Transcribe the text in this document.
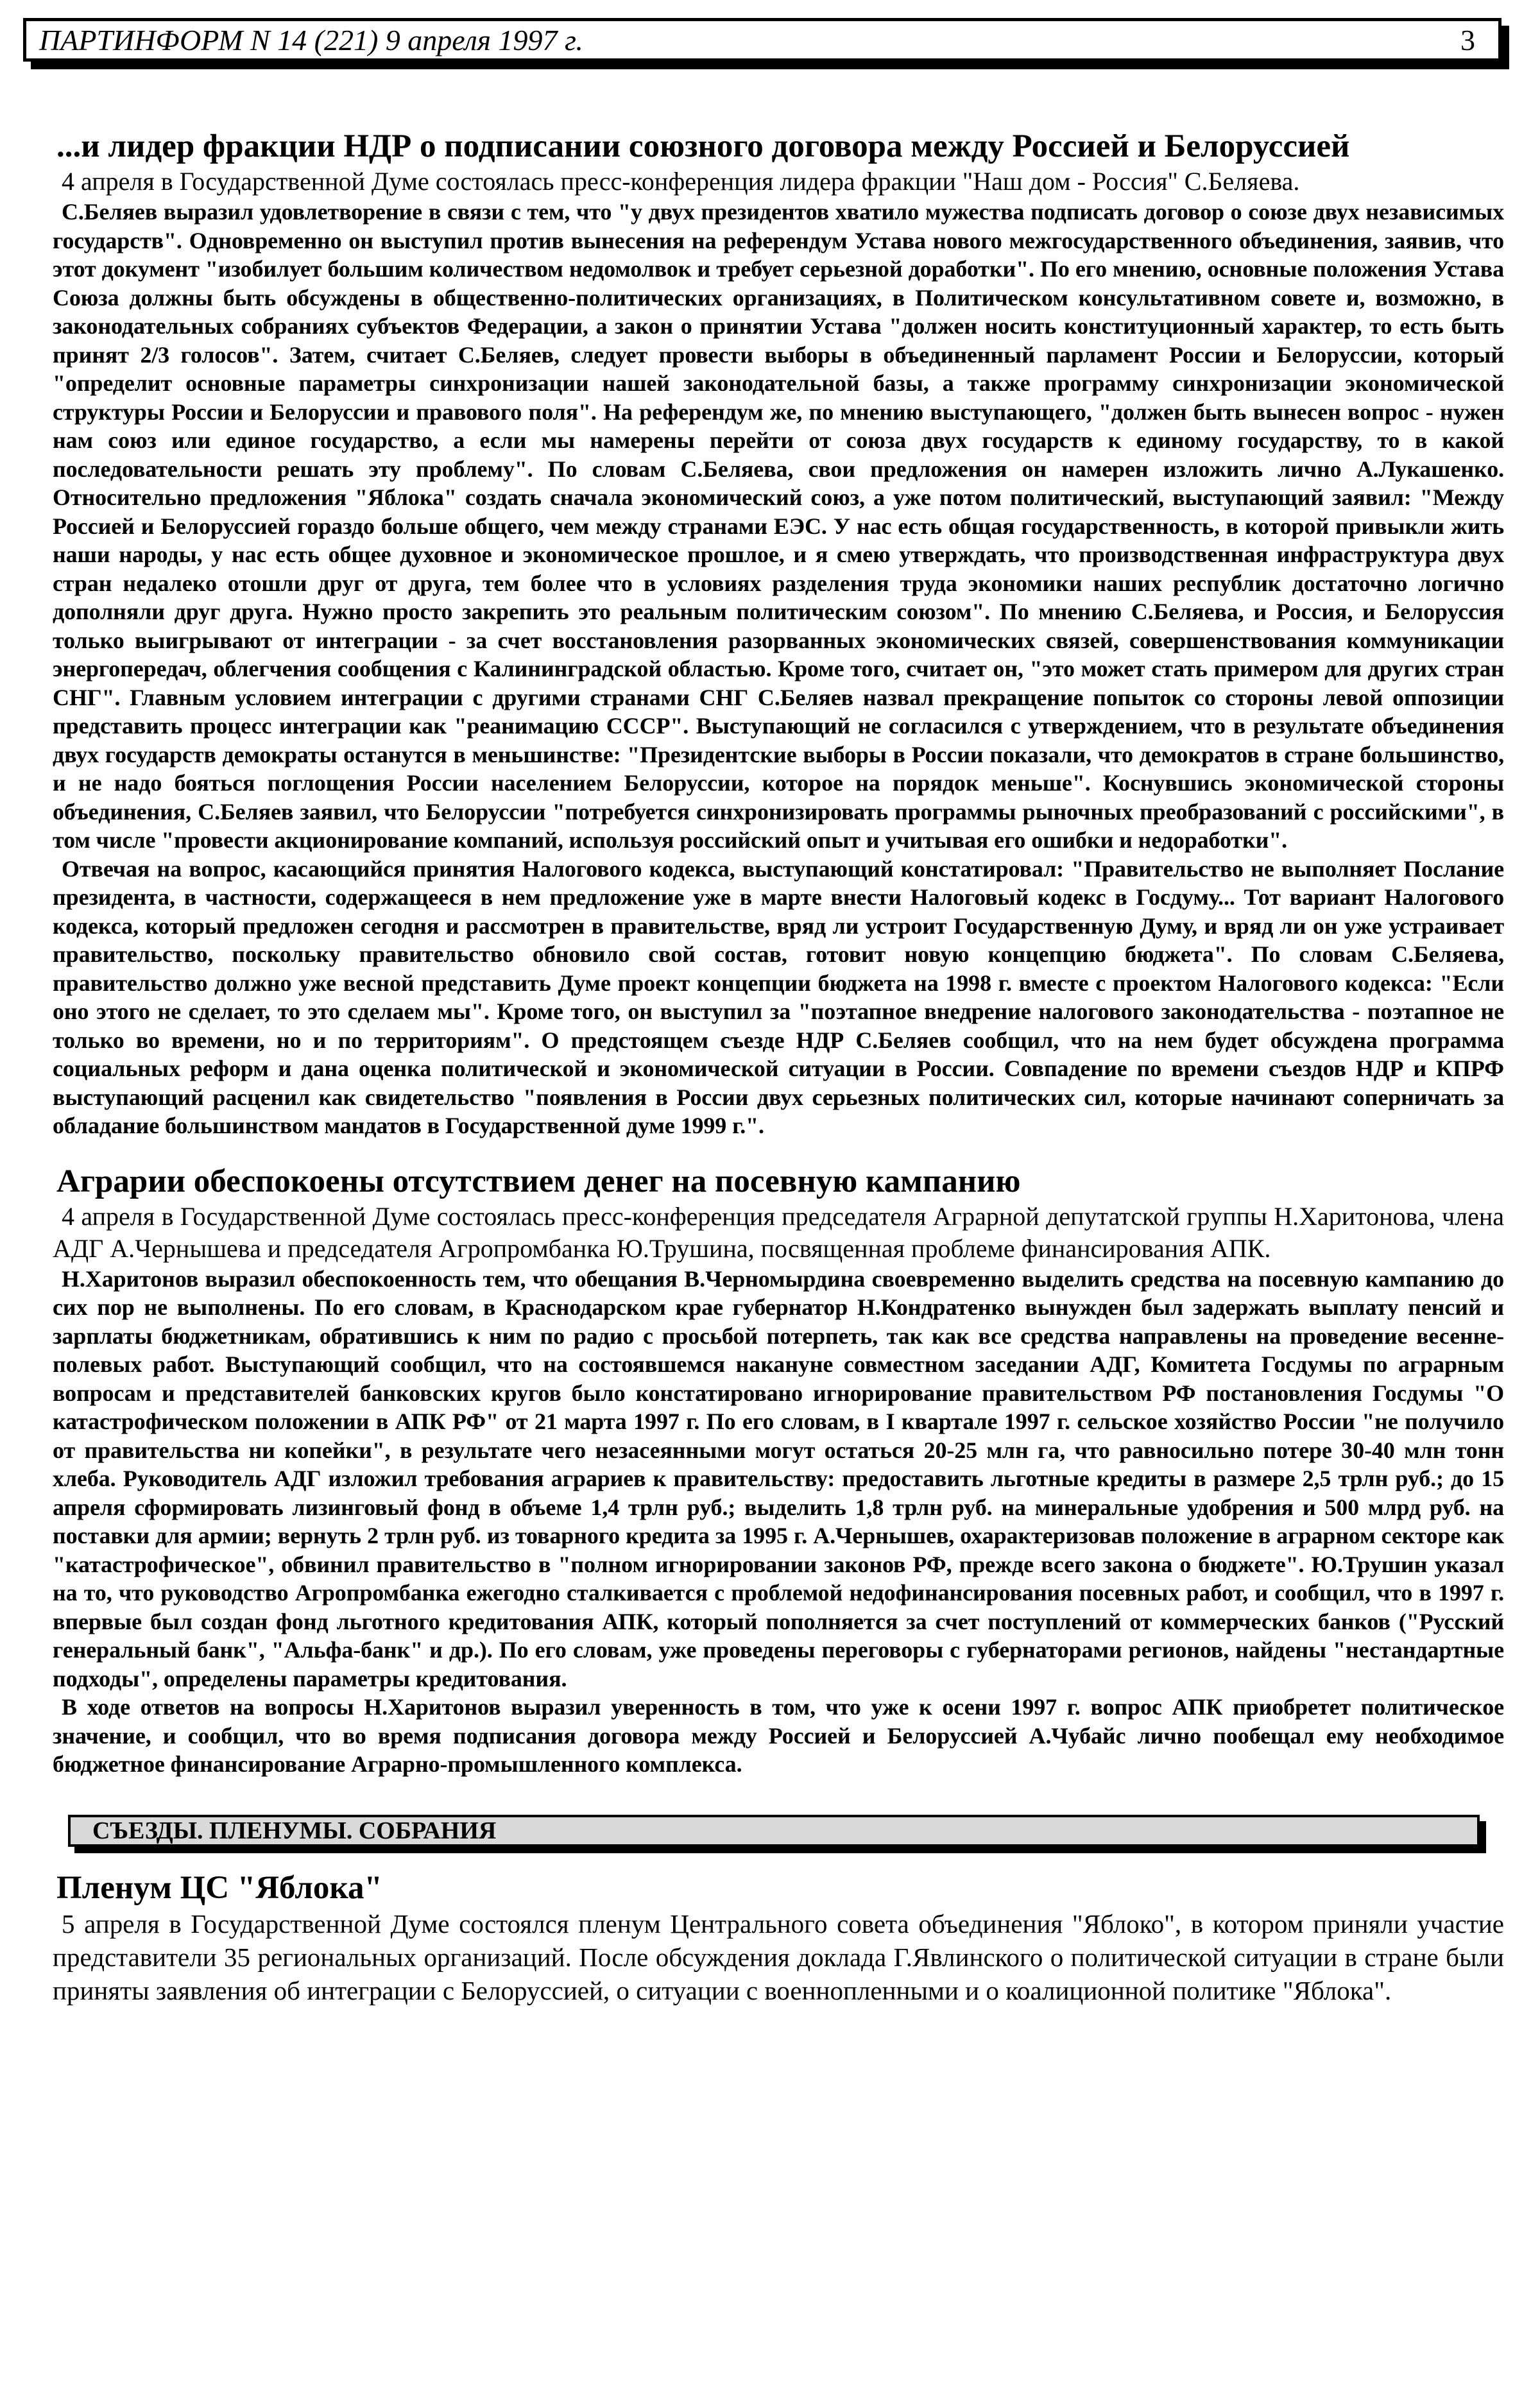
ПАРТИНФОРМ N 14 (221) 9 апреля 1997 г.	3
...и лидер фракции НДР о подписании союзного договора между Россией и Белоруссией

4 апреля в Государственной Думе состоялась пресс-конференция лидера фракции "Наш дом - Россия" С.Беляева.

С.Беляев выразил удовлетворение в связи с тем, что "у двух президентов хватило мужества подписать договор о союзе двух независимых государств". Одновременно он выступил против вынесения на референдум Устава нового межгосударственного объединения, заявив, что этот документ "изобилует большим количеством недомолвок и требует серьезной доработки". По его мнению, основные положения Устава Союза должны быть обсуждены в общественно-политических организациях, в Политическом консультативном совете и, возможно, в законодательных собраниях субъектов Федерации, а закон о принятии Устава "должен носить конституционный характер, то есть быть принят 2/3 голосов". Затем, считает С.Беляев, следует провести выборы в объединенный парламент России и Белоруссии, который "определит основные параметры синхронизации нашей законодательной базы, а также программу синхронизации экономической структуры России и Белоруссии и правового поля". На референдум же, по мнению выступающего, "должен быть вынесен вопрос - нужен нам союз или единое государство, а если мы намерены перейти от союза двух государств к единому государству, то в какой последовательности решать эту проблему". По словам С.Беляева, свои предложения он намерен изложить лично А.Лукашенко. Относительно предложения "Яблока" создать сначала экономический союз, а уже потом политический, выступающий заявил: "Между Россией и Белоруссией гораздо больше общего, чем между странами ЕЭС. У нас есть общая государственность, в которой привыкли жить наши народы, у нас есть общее духовное и экономическое прошлое, и я смею утверждать, что производственная инфраструктура двух стран недалеко отошли друг от друга, тем более что в условиях разделения труда экономики наших республик достаточно логично дополняли друг друга. Нужно просто закрепить это реальным политическим союзом". По мнению С.Беляева, и Россия, и Белоруссия только выигрывают от интеграции - за счет восстановления разорванных экономических связей, совершенствования коммуникации энергопередач, облегчения сообщения с Калининградской областью. Кроме того, считает он, "это может стать примером для других стран СНГ". Главным условием интеграции с другими странами СНГ С.Беляев назвал прекращение попыток со стороны левой оппозиции представить процесс интеграции как "реанимацию СССР". Выступающий не согласился с утверждением, что в результате объединения двух государств демократы останутся в меньшинстве: "Президентские выборы в России показали, что демократов в стране большинство, и не надо бояться поглощения России населением Белоруссии, которое на порядок меньше". Коснувшись экономической стороны объединения, С.Беляев заявил, что Белоруссии "потребуется синхронизировать программы рыночных преобразований с российскими", в том числе "провести акционирование компаний, используя российский опыт и учитывая его ошибки и недоработки".

Отвечая на вопрос, касающийся принятия Налогового кодекса, выступающий констатировал: "Правительство не выполняет Послание президента, в частности, содержащееся в нем предложение уже в марте внести Налоговый кодекс в Госдуму... Тот вариант Налогового кодекса, который предложен сегодня и рассмотрен в правительстве, вряд ли устроит Государственную Думу, и вряд ли он уже устраивает правительство, поскольку правительство обновило свой состав, готовит новую концепцию бюджета". По словам С.Беляева, правительство должно уже весной представить Думе проект концепции бюджета на 1998 г. вместе с проектом Налогового кодекса: "Если оно этого не сделает, то это сделаем мы". Кроме того, он выступил за "поэтапное внедрение налогового законодательства - поэтапное не только во времени, но и по территориям". О предстоящем съезде НДР С.Беляев сообщил, что на нем будет обсуждена программа социальных реформ и дана оценка политической и экономической ситуации в России. Совпадение по времени съездов НДР и КПРФ выступающий расценил как свидетельство "появления в России двух серьезных политических сил, которые начинают соперничать за обладание большинством мандатов в Государственной думе 1999 г.".

Аграрии обеспокоены отсутствием денег на посевную кампанию

4 апреля в Государственной Думе состоялась пресс-конференция председателя Аграрной депутатской группы Н.Харитонова, члена АДГ А.Чернышева и председателя Агропромбанка Ю.Трушина, посвященная проблеме финансирования АПК.

Н.Харитонов выразил обеспокоенность тем, что обещания В.Черномырдина своевременно выделить средства на посевную кампанию до сих пор не выполнены. По его словам, в Краснодарском крае губернатор Н.Кондратенко вынужден был задержать выплату пенсий и зарплаты бюджетникам, обратившись к ним по радио с просьбой потерпеть, так как все средства направлены на проведение весенне-полевых работ. Выступающий сообщил, что на состоявшемся накануне совместном заседании АДГ, Комитета Госдумы по аграрным вопросам и представителей банковских кругов было констатировано игнорирование правительством РФ постановления Госдумы "О катастрофическом положении в АПК РФ" от 21 марта 1997 г. По его словам, в I квартале 1997 г. сельское хозяйство России "не получило от правительства ни копейки", в результате чего незасеянными могут остаться 20-25 млн га, что равносильно потере 30-40 млн тонн хлеба. Руководитель АДГ изложил требования аграриев к правительству: предоставить льготные кредиты в размере 2,5 трлн руб.; до 15 апреля сформировать лизинговый фонд в объеме 1,4 трлн руб.; выделить 1,8 трлн руб. на минеральные удобрения и 500 млрд руб. на поставки для армии; вернуть 2 трлн руб. из товарного кредита за 1995 г. А.Чернышев, охарактеризовав положение в аграрном секторе как "катастрофическое", обвинил правительство в "полном игнорировании законов РФ, прежде всего закона о бюджете". Ю.Трушин указал на то, что руководство Агропромбанка ежегодно сталкивается с проблемой недофинансирования посевных работ, и сообщил, что в 1997 г. впервые был создан фонд льготного кредитования АПК, который пополняется за счет поступлений от коммерческих банков ("Русский генеральный банк", "Альфа-банк" и др.). По его словам, уже проведены переговоры с губернаторами регионов, найдены "нестандартные подходы", определены параметры кредитования.

В ходе ответов на вопросы Н.Харитонов выразил уверенность в том, что уже к осени 1997 г. вопрос АПК приобретет политическое значение, и сообщил, что во время подписания договора между Россией и Белоруссией А.Чубайс лично пообещал ему необходимое бюджетное финансирование Аграрно-промышленного комплекса.

СЪЕЗДЫ. ПЛЕНУМЫ. СОБРАНИЯ
Пленум ЦС "Яблока"

5 апреля в Государственной Думе состоялся пленум Центрального совета объединения "Яблоко", в котором приняли участие представители 35 региональных организаций. После обсуждения доклада Г.Явлинского о политической ситуации в стране были приняты заявления об интеграции с Белоруссией, о ситуации с военнопленными и о коалиционной политике "Яблока".
